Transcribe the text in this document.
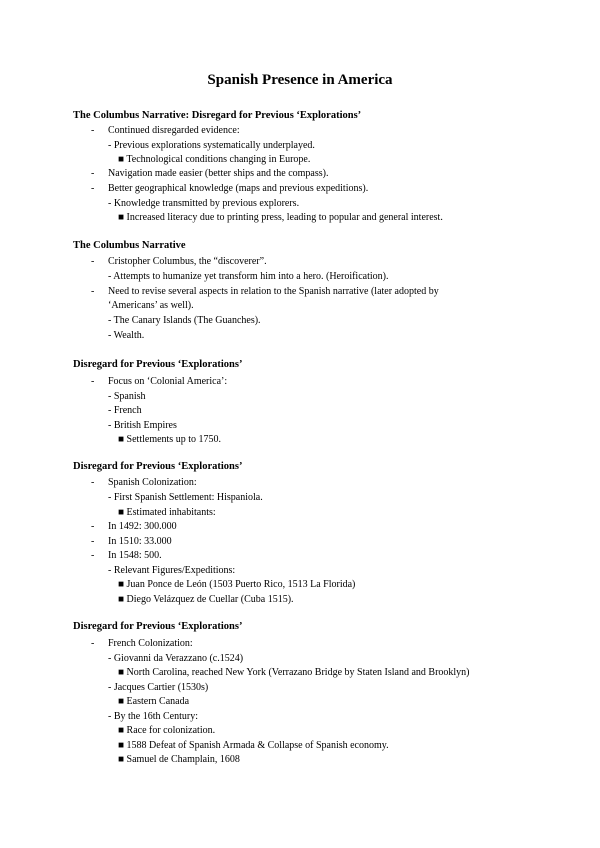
Spanish Presence in America
The Columbus Narrative: Disregard for Previous ‘Explorations’
- Continued disregarded evidence:
- Previous explorations systematically underplayed.
■ Technological conditions changing in Europe.
- Navigation made easier (better ships and the compass).
- Better geographical knowledge (maps and previous expeditions).
- Knowledge transmitted by previous explorers.
■ Increased literacy due to printing press, leading to popular and general interest.
The Columbus Narrative
- Cristopher Columbus, the “discoverer”.
- Attempts to humanize yet transform him into a hero. (Heroification).
- Need to revise several aspects in relation to the Spanish narrative (later adopted by
‘Americans’ as well).
- The Canary Islands (The Guanches).
- Wealth.
Disregard for Previous ‘Explorations’
- Focus on ‘Colonial America’:
- Spanish
- French
- British Empires
■ Settlements up to 1750.
Disregard for Previous ‘Explorations’
- Spanish Colonization:
- First Spanish Settlement: Hispaniola.
■ Estimated inhabitants:
- In 1492: 300.000
- In 1510: 33.000
- In 1548: 500.
- Relevant Figures/Expeditions:
■ Juan Ponce de León (1503 Puerto Rico, 1513 La Florida)
■ Diego Velázquez de Cuellar (Cuba 1515).
Disregard for Previous ‘Explorations’
- French Colonization:
- Giovanni da Verazzano (c.1524)
■ North Carolina, reached New York (Verrazano Bridge by Staten Island and Brooklyn)
- Jacques Cartier (1530s)
■ Eastern Canada
- By the 16th Century:
■ Race for colonization.
■ 1588 Defeat of Spanish Armada & Collapse of Spanish economy.
■ Samuel de Champlain, 1608
